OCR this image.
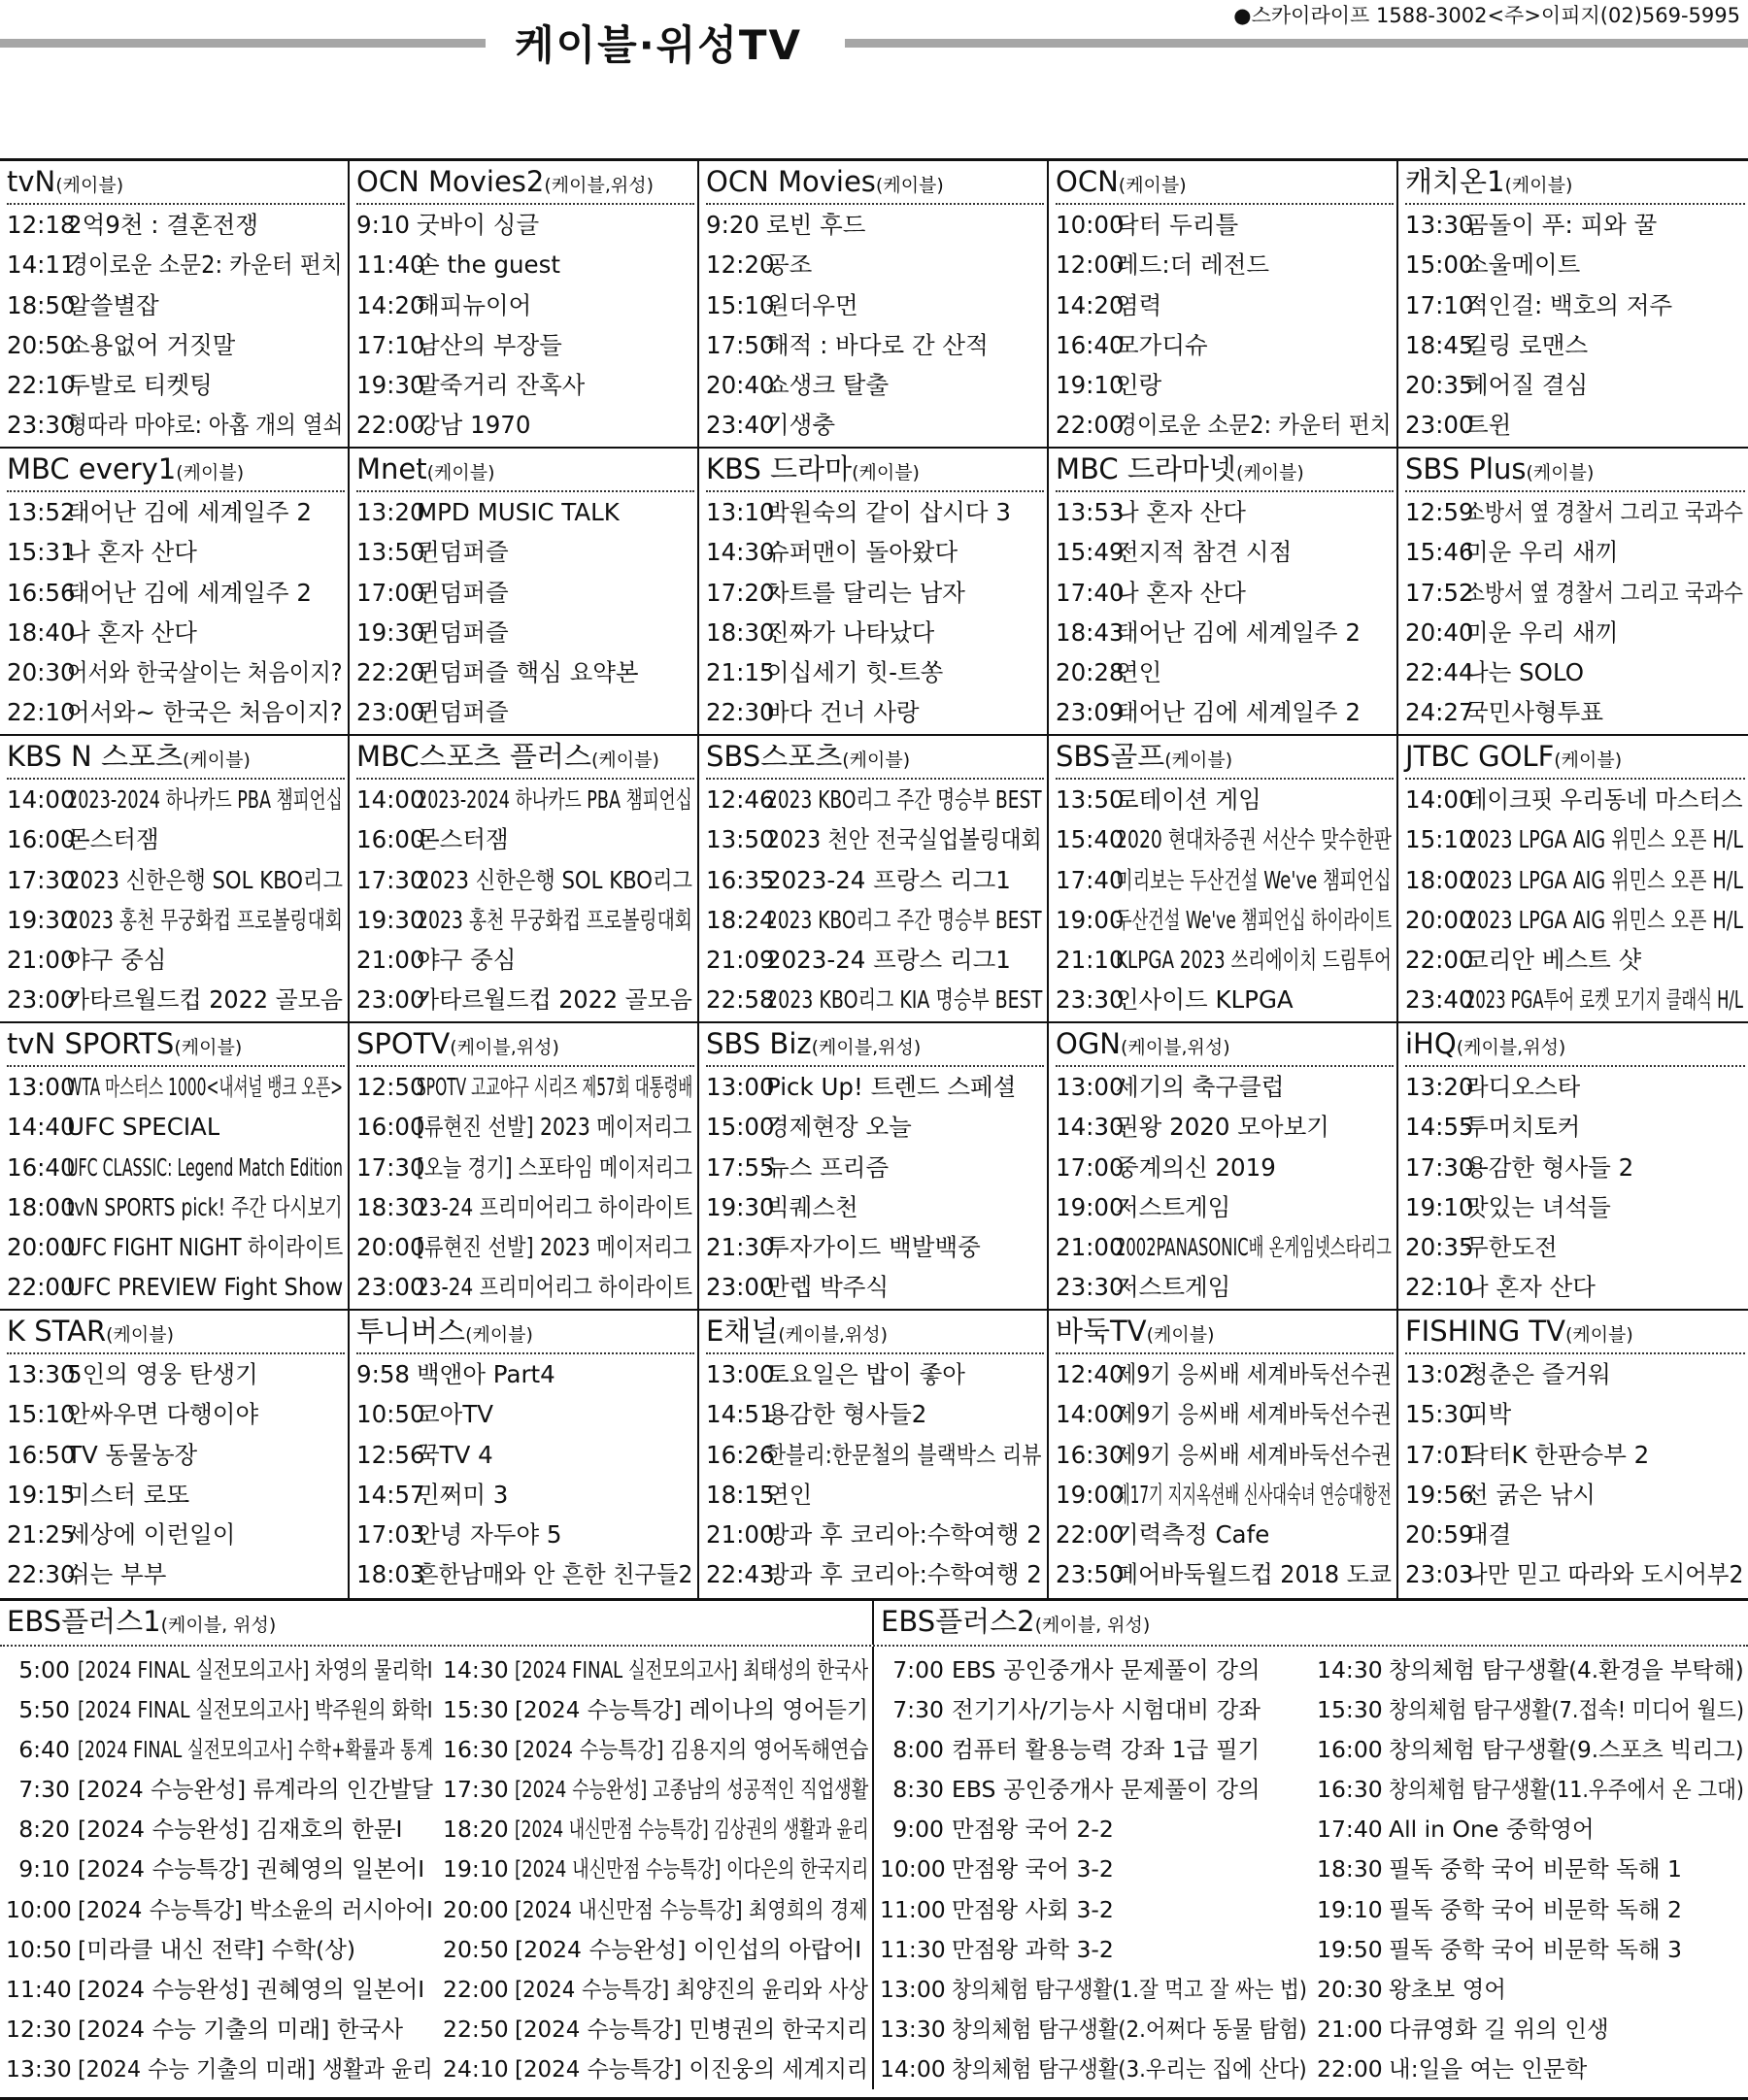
케이블·위성TV
●스카이라이프 1588-3002<주>이피지(02)569-5995
tvN(케이블)
12:18
2억9천 : 결혼전쟁
14:11
경이로운 소문2: 카운터 펀치
18:50
알쓸별잡
20:50
소용없어 거짓말
22:10
두발로 티켓팅
23:30
형따라 마야로: 아홉 개의 열쇠
OCN Movies2(케이블,위성)
9:10 굿바이 싱글
11:40
손 the guest
14:20
해피뉴이어
17:10
남산의 부장들
19:30
말죽거리 잔혹사
22:00
강남 1970
OCN Movies(케이블)
9:20 로빈 후드
12:20
공조
15:10
원더우먼
17:50
해적 : 바다로 간 산적
20:40
쇼생크 탈출
23:40
기생충
OCN(케이블)
10:00
닥터 두리틀
12:00
레드:더 레전드
14:20
염력
16:40
모가디슈
19:10
인랑
22:00
경이로운 소문2: 카운터 펀치
캐치온1(케이블)
13:30
곰돌이 푸: 피와 꿀
15:00
소울메이트
17:10
적인걸: 백호의 저주
18:45
킬링 로맨스
20:35
헤어질 결심
23:00
트윈
MBC every1(케이블)
13:52
태어난 김에 세계일주 2
15:31
나 혼자 산다
16:56
태어난 김에 세계일주 2
18:40
나 혼자 산다
20:30
어서와 한국살이는 처음이지?
22:10
어서와~ 한국은 처음이지?
Mnet(케이블)
13:20
MPD MUSIC TALK
13:50
퀸덤퍼즐
17:00
퀸덤퍼즐
19:30
퀸덤퍼즐
22:20
퀸덤퍼즐 핵심 요약본
23:00
퀸덤퍼즐
KBS 드라마(케이블)
13:10
박원숙의 같이 삽시다 3
14:30
슈퍼맨이 돌아왔다
17:20
차트를 달리는 남자
18:30
진짜가 나타났다
21:15
이십세기 힛-트쏭
22:30
바다 건너 사랑
MBC 드라마넷(케이블)
13:53
나 혼자 산다
15:49
전지적 참견 시점
17:40
나 혼자 산다
18:43
태어난 김에 세계일주 2
20:28
연인
23:09
태어난 김에 세계일주 2
SBS Plus(케이블)
12:59
소방서 옆 경찰서 그리고 국과수
15:46
미운 우리 새끼
17:52
소방서 옆 경찰서 그리고 국과수
20:40
미운 우리 새끼
22:44
나는 SOLO
24:27
국민사형투표
KBS N 스포츠(케이블)
14:00
2023-2024 하나카드 PBA 챔피언십
16:00
몬스터잼
17:30
2023 신한은행 SOL KBO리그
19:30
2023 홍천 무궁화컵 프로볼링대회
21:00
야구 중심
23:00
카타르월드컵 2022 골모음
MBC스포츠 플러스(케이블)
14:00
2023-2024 하나카드 PBA 챔피언십
16:00
몬스터잼
17:30
2023 신한은행 SOL KBO리그
19:30
2023 홍천 무궁화컵 프로볼링대회
21:00
야구 중심
23:00
카타르월드컵 2022 골모음
SBS스포츠(케이블)
12:46
2023 KBO리그 주간 명승부 BEST
13:50
2023 천안 전국실업볼링대회
16:35
2023-24 프랑스 리그1
18:24
2023 KBO리그 주간 명승부 BEST
21:09
2023-24 프랑스 리그1
22:58
2023 KBO리그 KIA 명승부 BEST
SBS골프(케이블)
13:50
로테이션 게임
15:40
2020 현대차증권 서산수 맞수한판
17:40
미리보는 두산건설 We've 챔피언십
19:00
두산건설 We've 챔피언십 하이라이트
21:10
KLPGA 2023 쓰리에이치 드림투어
23:30
인사이드 KLPGA
JTBC GOLF(케이블)
14:00
테이크핏 우리동네 마스터스
15:10
2023 LPGA AIG 위민스 오픈 H/L
18:00
2023 LPGA AIG 위민스 오픈 H/L
20:00
2023 LPGA AIG 위민스 오픈 H/L
22:00
코리안 베스트 샷
23:40
2023 PGA투어 로켓 모기지 클래식 H/L
tvN SPORTS(케이블)
13:00
WTA 마스터스 1000<내셔널 뱅크 오픈>
14:40
UFC SPECIAL
16:40
UFC CLASSIC: Legend Match Edition
18:00
tvN SPORTS pick! 주간 다시보기
20:00
UFC FIGHT NIGHT 하이라이트
22:00
UFC PREVIEW Fight Show
SPOTV(케이블,위성)
12:50
SPOTV 고교야구 시리즈 제57회 대통령배
16:00
[류현진 선발] 2023 메이저리그
17:30
[오늘 경기] 스포타임 메이저리그
18:30
23-24 프리미어리그 하이라이트
20:00
[류현진 선발] 2023 메이저리그
23:00
23-24 프리미어리그 하이라이트
SBS Biz(케이블,위성)
13:00
Pick Up! 트렌드 스페셜
15:00
경제현장 오늘
17:55
뉴스 프리즘
19:30
빅퀘스천
21:30
투자가이드 백발백중
23:00
만렙 박주식
OGN(케이블,위성)
13:00
세기의 축구클럽
14:30
권왕 2020 모아보기
17:00
중계의신 2019
19:00
저스트게임
21:00
2002PANASONIC배 온게임넷스타리그
23:30
저스트게임
iHQ(케이블,위성)
13:20
라디오스타
14:55
투머치토커
17:30
용감한 형사들 2
19:10
맛있는 녀석들
20:35
무한도전
22:10
나 혼자 산다
K STAR(케이블)
13:30
5인의 영웅 탄생기
15:10
안싸우면 다행이야
16:50
TV 동물농장
19:15
미스터 로또
21:25
세상에 이런일이
22:30
쉬는 부부
투니버스(케이블)
9:58 백앤아 Part4
10:50
코아TV
12:56
꾹TV 4
14:57
민쩌미 3
17:03
안녕 자두야 5
18:03
흔한남매와 안 흔한 친구들2
E채널(케이블,위성)
13:00
토요일은 밥이 좋아
14:51
용감한 형사들2
16:26
한블리:한문철의 블랙박스 리뷰
18:15
연인
21:00
방과 후 코리아:수학여행 2
22:43
방과 후 코리아:수학여행 2
바둑TV(케이블)
12:40
제9기 응씨배 세계바둑선수권
14:00
제9기 응씨배 세계바둑선수권
16:30
제9기 응씨배 세계바둑선수권
19:00
제17기 지지옥션배 신사대숙녀 연승대항전
22:00
기력측정 Cafe
23:50
페어바둑월드컵 2018 도쿄
FISHING TV(케이블)
13:02
청춘은 즐거워
15:30
피박
17:01
닥터K 한판승부 2
19:56
선 굵은 낚시
20:59
대결
23:03
나만 믿고 따라와 도시어부2
EBS플러스1(케이블, 위성)	EBS플러스2(케이블, 위성)
5:00 [2024 FINAL 실전모의고사] 차영의 물리학Ⅰ
5:50 [2024 FINAL 실전모의고사] 박주원의 화학Ⅰ
6:40 [2024 FINAL 실전모의고사] 수학+확률과 통계
7:30 [2024 수능완성] 류계라의 인간발달
8:20 [2024 수능완성] 김재호의 한문Ⅰ
9:10 [2024 수능특강] 권혜영의 일본어Ⅰ
10:00 [2024 수능특강] 박소윤의 러시아어Ⅰ
10:50 [미라클 내신 전략] 수학(상)
11:40 [2024 수능완성] 권혜영의 일본어Ⅰ
12:30 [2024 수능 기출의 미래] 한국사
13:30 [2024 수능 기출의 미래] 생활과 윤리
14:30 [2024 FINAL 실전모의고사] 최태성의 한국사
15:30 [2024 수능특강] 레이나의 영어듣기
16:30 [2024 수능특강] 김용지의 영어독해연습
17:30 [2024 수능완성] 고종남의 성공적인 직업생활
18:20 [2024 내신만점 수능특강] 김상권의 생활과 윤리
19:10 [2024 내신만점 수능특강] 이다은의 한국지리
20:00 [2024 내신만점 수능특강] 최영희의 경제
20:50 [2024 수능완성] 이인섭의 아랍어Ⅰ
22:00 [2024 수능특강] 최양진의 윤리와 사상
22:50 [2024 수능특강] 민병권의 한국지리
24:10 [2024 수능특강] 이진웅의 세계지리
7:00 EBS 공인중개사 문제풀이 강의
7:30 전기기사/기능사 시험대비 강좌
8:00 컴퓨터 활용능력 강좌 1급 필기
8:30 EBS 공인중개사 문제풀이 강의
9:00 만점왕 국어 2-2
10:00 만점왕 국어 3-2
11:00 만점왕 사회 3-2
11:30 만점왕 과학 3-2
13:00 창의체험 탐구생활(1.잘 먹고 잘 싸는 법)
13:30 창의체험 탐구생활(2.어쩌다 동물 탐험)
14:00 창의체험 탐구생활(3.우리는 집에 산다)
14:30 창의체험 탐구생활(4.환경을 부탁해)
15:30 창의체험 탐구생활(7.접속! 미디어 월드)
16:00 창의체험 탐구생활(9.스포츠 빅리그)
16:30 창의체험 탐구생활(11.우주에서 온 그대)
17:40 All in One 중학영어
18:30 필독 중학 국어 비문학 독해 1
19:10 필독 중학 국어 비문학 독해 2
19:50 필독 중학 국어 비문학 독해 3
20:30 왕초보 영어
21:00 다큐영화 길 위의 인생
22:00 내:일을 여는 인문학
